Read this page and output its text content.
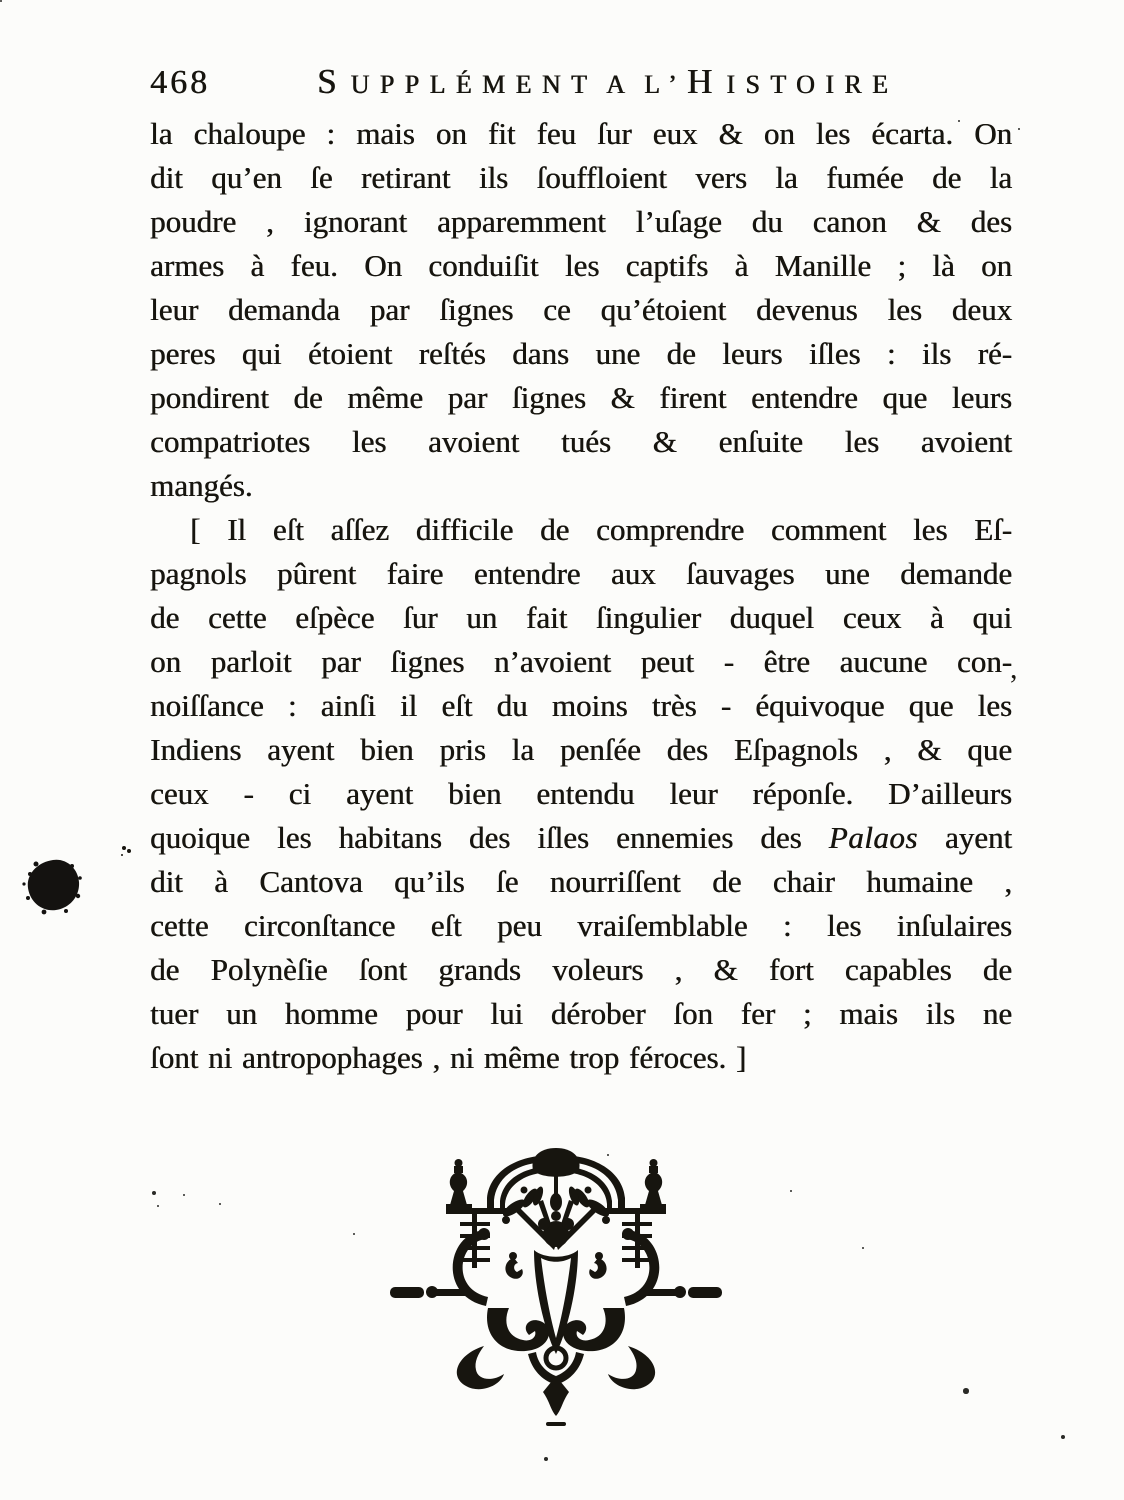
468	SUPPLÉMENT A L’HISTOIRE
la chaloupe : mais on fit feu ſur eux & on les écarta. On
dit qu’en ſe retirant ils ſouffloient vers la fumée de la
poudre , ignorant apparemment l’uſage du canon & des
armes à feu. On conduiſit les captifs à Manille ; là on
leur demanda par ſignes ce qu’étoient devenus les deux
peres qui étoient reſtés dans une de leurs iſles : ils ré-
pondirent de même par ſignes & firent entendre que leurs
compatriotes les avoient tués & enſuite les avoient
mangés.
[ Il eſt aſſez difficile de comprendre comment les Eſ-
pagnols pûrent faire entendre aux ſauvages une demande
de cette eſpèce ſur un fait ſingulier duquel ceux à qui
on parloit par ſignes n’avoient peut - être aucune con-
noiſſance : ainſi il eſt du moins très - équivoque que les
Indiens ayent bien pris la penſée des Eſpagnols , & que
ceux - ci ayent bien entendu leur réponſe. D’ailleurs
quoique les habitans des iſles ennemies des Palaos ayent
dit à Cantova qu’ils ſe nourriſſent de chair humaine ,
cette circonſtance eſt peu vraiſemblable : les inſulaires
de Polynèſie ſont grands voleurs , & fort capables de
tuer un homme pour lui dérober ſon fer ; mais ils ne
ſont ni antropophages , ni même trop féroces. ]
,
